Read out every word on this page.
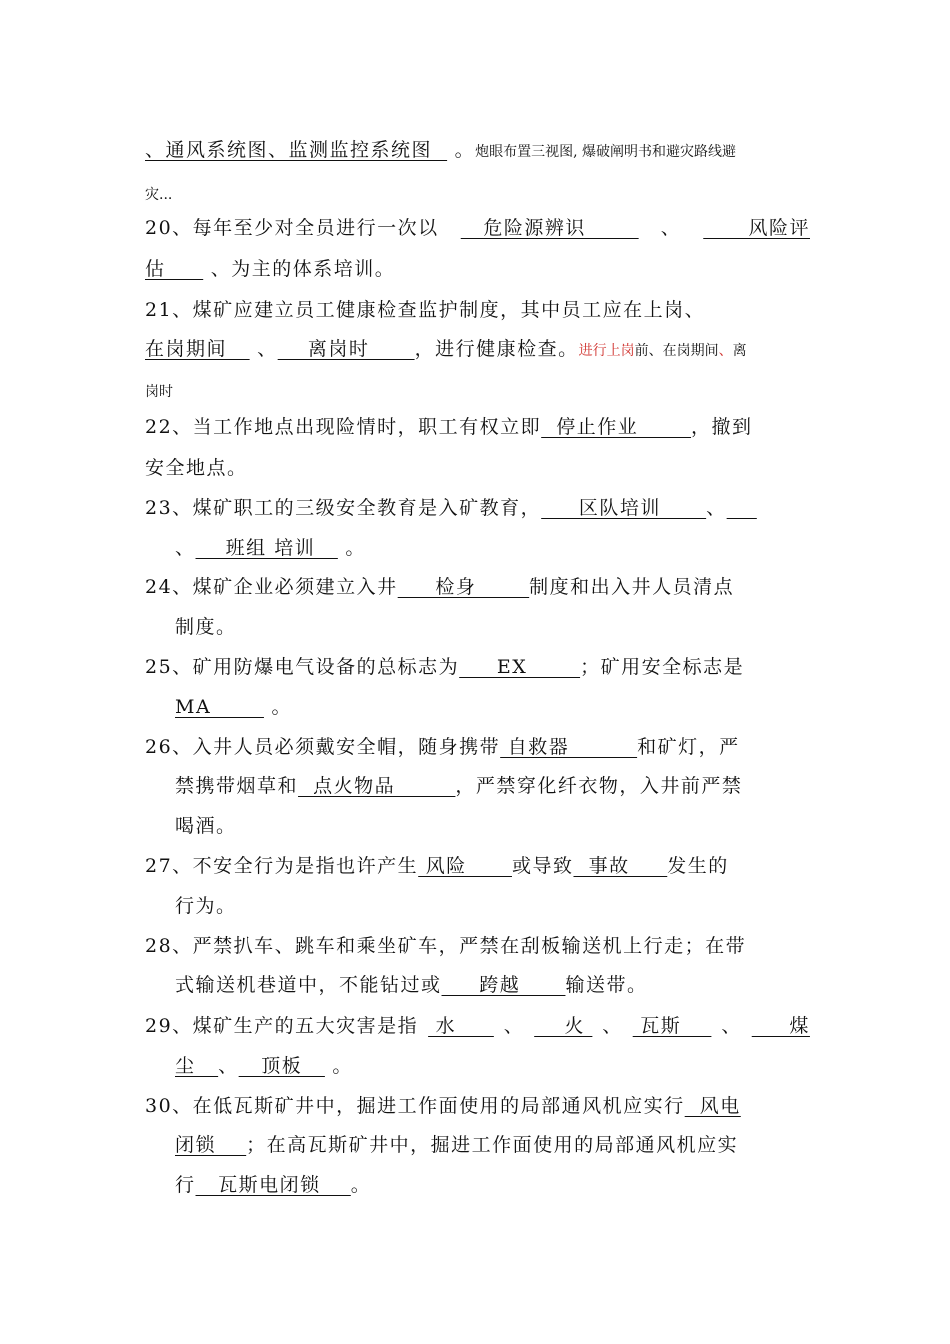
、通风系统图、监测监控系统图   。炮眼布置三视图, 爆破阐明书和避灾路线避
灾...
20、每年至少对全员进行一次以 危险源辨识 、 风险评
估      、为主的体系培训。
21、煤矿应建立员工健康检查监护制度，其中员工应在上岗、
在岗期间    、    离岗时      ，进行健康检查。进行上岗前、在岗期间、离
岗时
22、当工作地点出现险情时，职工有权立即  停止作业       ，撤到
安全地点。
23、煤矿职工的三级安全教育是入矿教育，     区队培训      、
、    班组 培训    。
24、煤矿企业必须建立入井     检身       制度和出入井人员清点
制度。
25、矿用防爆电气设备的总标志为     EX       ；矿用安全标志是
MA        。
26、入井人员必须戴安全帽，随身携带 自救器         和矿灯，严
禁携带烟草和  点火物品        ，严禁穿化纤衣物，入井前严禁
喝酒。
27、不安全行为是指也许产生 风险      或导致  事故     发生的
行为。
28、严禁扒车、跳车和乘坐矿车，严禁在刮板输送机上行走；在带
式输送机巷道中，不能钻过或     跨越      输送带。
29、煤矿生产的五大灾害是指 水 、 火 、 瓦斯 、 煤
尘   、   顶板    。
30、在低瓦斯矿井中，掘进工作面使用的局部通风机应实行  风电
闭锁    ；在高瓦斯矿井中，掘进工作面使用的局部通风机应实
行   瓦斯电闭锁    。
